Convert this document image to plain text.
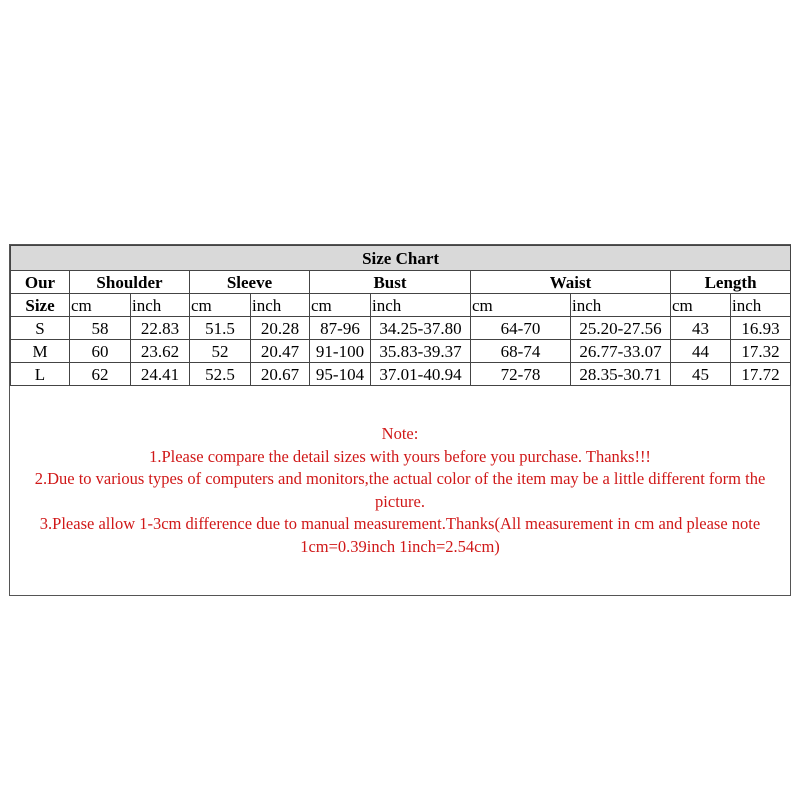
Size Chart										
Our	Shoulder		Sleeve		Bust		Waist		Length	
Size	cm	inch	cm	inch	cm	inch	cm	inch	cm	inch
S	58	22.83	51.5	20.28	87-96	34.25-37.80	64-70	25.20-27.56	43	16.93
M	60	23.62	52	20.47	91-100	35.83-39.37	68-74	26.77-33.07	44	17.32
L	62	24.41	52.5	20.67	95-104	37.01-40.94	72-78	28.35-30.71	45	17.72
Note:
1.Please compare the detail sizes with yours before you purchase. Thanks!!!
2.Due to various types of computers and monitors,the actual color of the item may be a little different form the
picture.
3.Please allow 1-3cm difference due to manual measurement.Thanks(All measurement in cm and please note
1cm=0.39inch 1inch=2.54cm)
